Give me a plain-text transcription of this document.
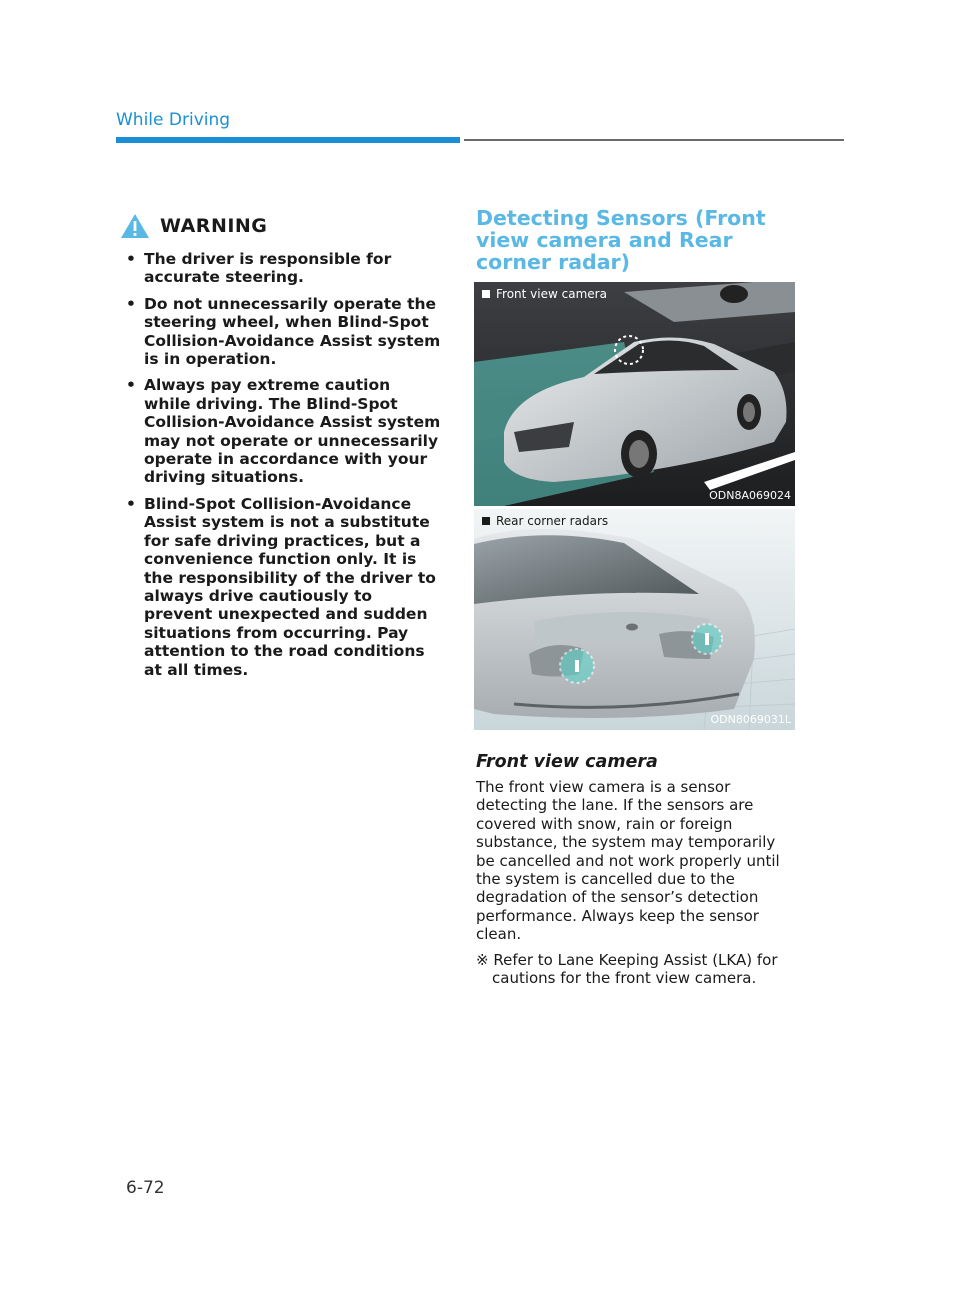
While Driving
WARNING
• The driver is responsible for accurate steering.
• Do not unnecessarily operate the steering wheel, when Blind-Spot Collision-Avoidance Assist system is in operation.
• Always pay extreme caution while driving. The Blind-Spot Collision-Avoidance Assist system may not operate or unnecessarily operate in accordance with your driving situations.
• Blind-Spot Collision-Avoidance Assist system is not a substitute for safe driving practices, but a convenience function only. It is the responsibility of the driver to always drive cautiously to prevent unexpected and sudden situations from occurring. Pay attention to the road conditions at all times.
Detecting Sensors (Front view camera and Rear corner radar)
Front view camera
ODN8A069024
Rear corner radars
ODN8069031L
Front view camera

The front view camera is a sensor detecting the lane. If the sensors are covered with snow, rain or foreign substance, the system may temporarily be cancelled and not work properly until the system is cancelled due to the degradation of the sensor’s detection performance. Always keep the sensor clean.

※ Refer to Lane Keeping Assist (LKA) for cautions for the front view camera.

6-72
